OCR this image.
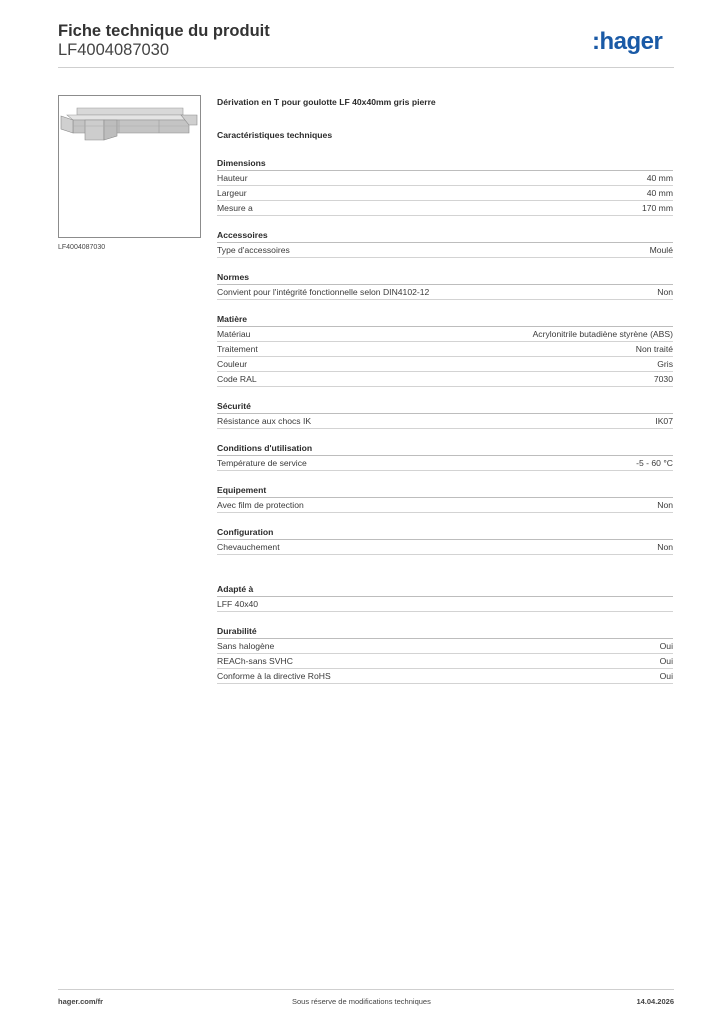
Fiche technique du produit
LF4004087030	:hager
LF4004087030
Dérivation en T pour goulotte LF 40x40mm gris pierre
Caractéristiques techniques
Dimensions
Hauteur	40 mm
Largeur	40 mm
Mesure a	170 mm
Accessoires
Type d'accessoires	Moulé
Normes
Convient pour l'intégrité fonctionnelle selon DIN4102-12	Non
Matière
Matériau	Acrylonitrile butadiène styrène (ABS)
Traitement	Non traité
Couleur	Gris
Code RAL	7030
Sécurité
Résistance aux chocs IK	IK07
Conditions d'utilisation
Température de service	-5 - 60 °C
Equipement
Avec film de protection	Non
Configuration
Chevauchement	Non
Adapté à
LFF 40x40
Durabilité
Sans halogène	Oui
REACh-sans SVHC	Oui
Conforme à la directive RoHS	Oui
hager.com/fr	Sous réserve de modifications techniques	14.04.2026
